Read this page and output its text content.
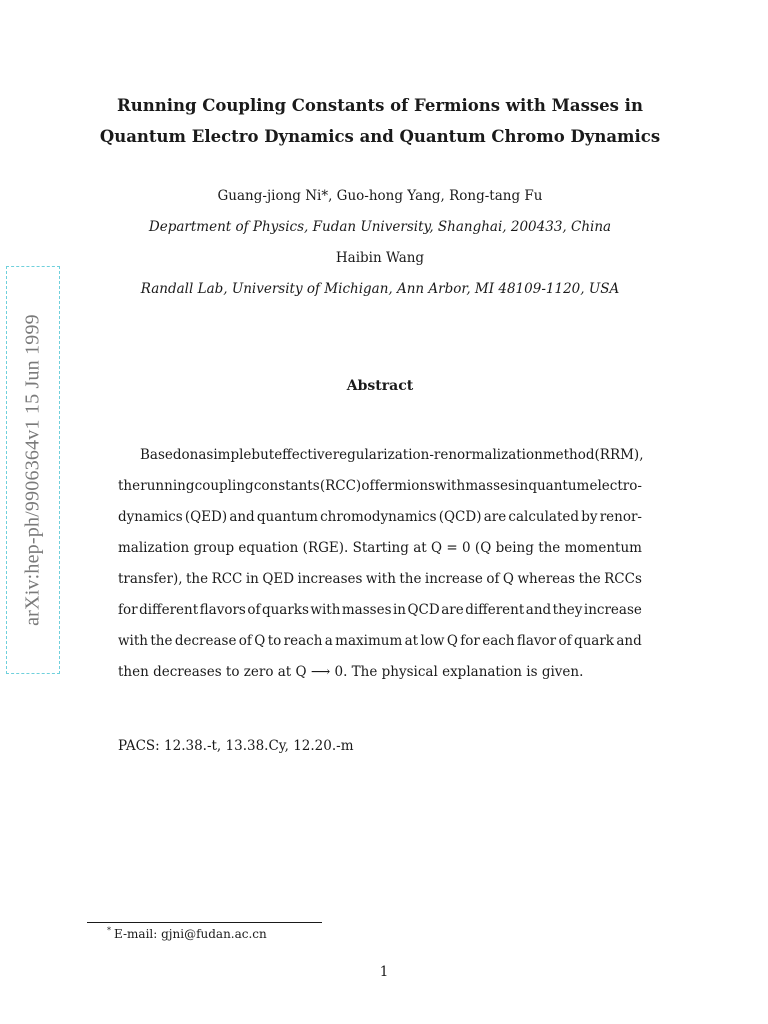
arXiv:hep-ph/9906364v1 15 Jun 1999
Running Coupling Constants of Fermions with Masses in
Quantum Electro Dynamics and Quantum Chromo Dynamics
Guang-jiong Ni*, Guo-hong Yang, Rong-tang Fu
Department of Physics, Fudan University, Shanghai, 200433, China
Haibin Wang
Randall Lab, University of Michigan, Ann Arbor, MI 48109-1120, USA
Abstract
Based on a simple but effective regularization-renormalization method (RRM),
the running coupling constants (RCC) of fermions with masses in quantum electro-
dynamics (QED) and quantum chromodynamics (QCD) are calculated by renor-
malization group equation (RGE). Starting at Q = 0 (Q being the momentum
transfer), the RCC in QED increases with the increase of Q whereas the RCCs
for different flavors of quarks with masses in QCD are different and they increase
with the decrease of Q to reach a maximum at low Q for each flavor of quark and
then decreases to zero at Q ⟶ 0. The physical explanation is given.
PACS: 12.38.-t, 13.38.Cy, 12.20.-m
* E-mail: gjni@fudan.ac.cn
1
